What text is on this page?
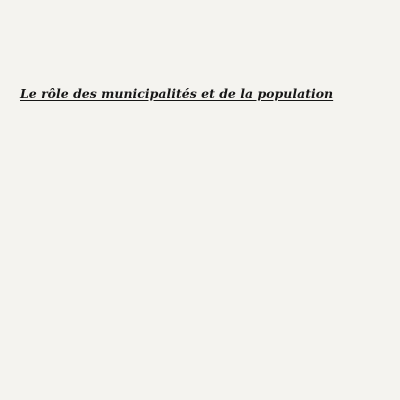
Le rôle des municipalités et de la population
